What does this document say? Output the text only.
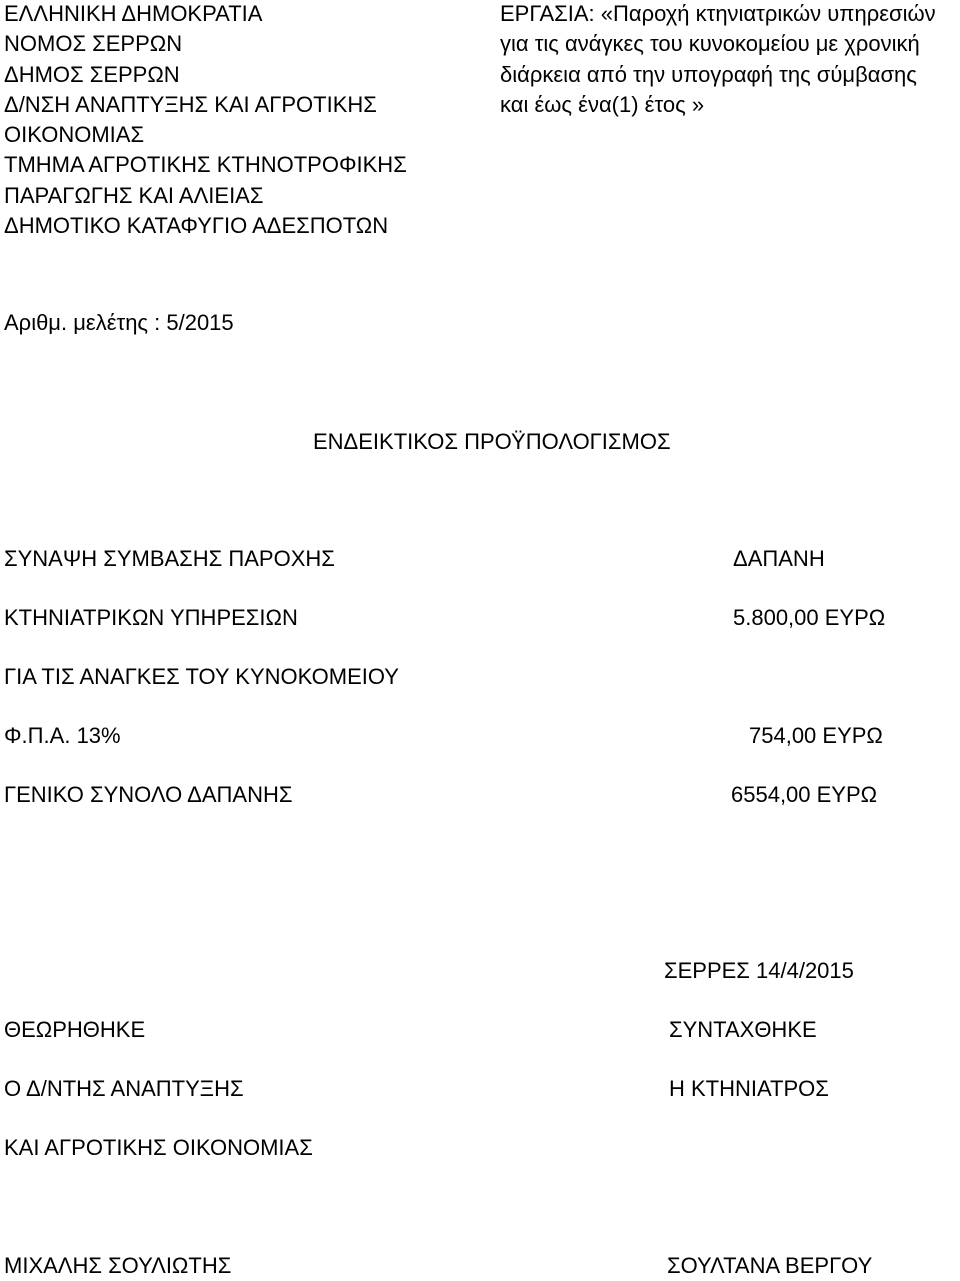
ΕΛΛΗΝΙΚΗ ΔΗΜΟΚΡΑΤΙΑ
ΝΟΜΟΣ ΣΕΡΡΩΝ
ΔΗΜΟΣ ΣΕΡΡΩΝ
Δ/ΝΣΗ ΑΝΑΠΤΥΞΗΣ ΚΑΙ ΑΓΡΟΤΙΚΗΣ
ΟΙΚΟΝΟΜΙΑΣ
ΤΜΗΜΑ ΑΓΡΟΤΙΚΗΣ ΚΤΗΝΟΤΡΟΦΙΚΗΣ
ΠΑΡΑΓΩΓΗΣ ΚΑΙ ΑΛΙΕΙΑΣ
ΔΗΜΟΤΙΚΟ ΚΑΤΑΦΥΓΙΟ ΑΔΕΣΠΟΤΩΝ
ΕΡΓΑΣΙΑ: «Παροχή κτηνιατρικών υπηρεσιών
για τις ανάγκες του κυνοκομείου με χρονική
διάρκεια από την υπογραφή της σύμβασης
και έως ένα(1) έτος »

Αριθμ. μελέτης : 5/2015

ΕΝΔΕΙΚΤΙΚΟΣ ΠΡΟΫΠΟΛΟΓΙΣΜΟΣ

ΣΥΝΑΨΗ ΣΥΜΒΑΣΗΣ ΠΑΡΟΧΗΣ	ΔΑΠΑΝΗ

ΚΤΗΝΙΑΤΡΙΚΩΝ ΥΠΗΡΕΣΙΩΝ	5.800,00 ΕΥΡΩ

ΓΙΑ ΤΙΣ ΑΝΑΓΚΕΣ ΤΟΥ ΚΥΝΟΚΟΜΕΙΟΥ

Φ.Π.Α. 13%	754,00 ΕΥΡΩ

ΓΕΝΙΚΟ ΣΥΝΟΛΟ ΔΑΠΑΝΗΣ	6554,00 ΕΥΡΩ

ΣΕΡΡΕΣ 14/4/2015

ΘΕΩΡΗΘΗΚΕ	ΣΥΝΤΑΧΘΗΚΕ

Ο Δ/ΝΤΗΣ ΑΝΑΠΤΥΞΗΣ	Η ΚΤΗΝΙΑΤΡΟΣ

ΚΑΙ ΑΓΡΟΤΙΚΗΣ ΟΙΚΟΝΟΜΙΑΣ

ΜΙΧΑΛΗΣ ΣΟΥΛΙΩΤΗΣ	ΣΟΥΛΤΑΝΑ ΒΕΡΓΟΥ
